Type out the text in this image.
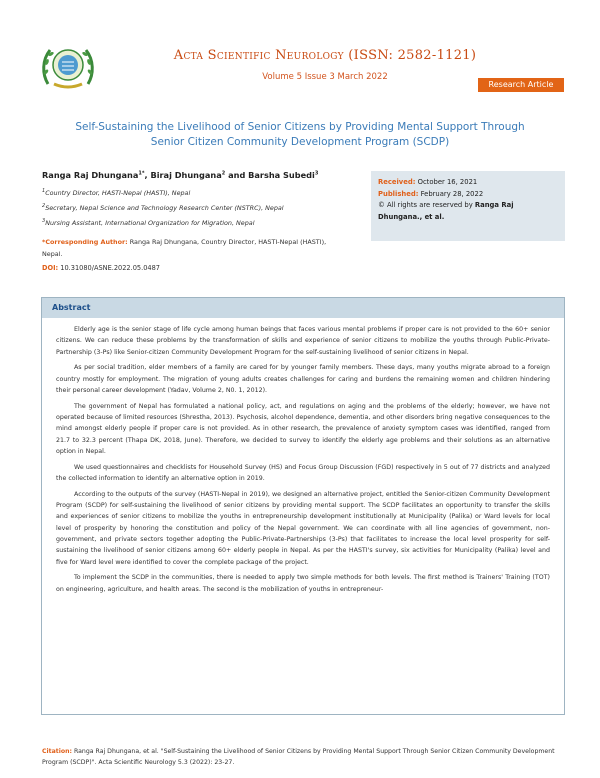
Acta Scientific Neurology (ISSN: 2582-1121)
Volume 5 Issue 3 March 2022
Research Article
Self-Sustaining the Livelihood of Senior Citizens by Providing Mental Support Through Senior Citizen Community Development Program (SCDP)
Ranga Raj Dhungana$^{1*}$, Biraj Dhungana$^2$ and Barsha Subedi$^3$
$^1$Country Director, HASTI-Nepal (HASTI), Nepal
$^2$Secretary, Nepal Science and Technology Research Center (NSTRC), Nepal
$^3$Nursing Assistant, International Organization for Migration, Nepal
*Corresponding Author: Ranga Raj Dhungana, Country Director, HASTI-Nepal (HASTI), Nepal.
DOI: 10.31080/ASNE.2022.05.0487
Received: October 16, 2021
Published: February 28, 2022
© All rights are reserved by Ranga Raj Dhungana., et al.
Abstract

Elderly age is the senior stage of life cycle among human beings that faces various mental problems if proper care is not provided to the 60+ senior citizens. We can reduce these problems by the transformation of skills and experience of senior citizens to mobilize the youths through Public-Private-Partnership (3-Ps) like Senior-citizen Community Development Program for the self-sustaining livelihood of senior citizens in Nepal.

As per social tradition, elder members of a family are cared for by younger family members. These days, many youths migrate abroad to a foreign country mostly for employment. The migration of young adults creates challenges for caring and burdens the remaining women and children hindering their personal career development (Yadav, Volume 2, N0. 1, 2012).

The government of Nepal has formulated a national policy, act, and regulations on aging and the problems of the elderly; however, we have not operated because of limited resources (Shrestha, 2013). Psychosis, alcohol dependence, dementia, and other disorders bring negative consequences to the mind amongst elderly people if proper care is not provided. As in other research, the prevalence of anxiety symptom cases was identified, ranged from 21.7 to 32.3 percent (Thapa DK, 2018, June). Therefore, we decided to survey to identify the elderly age problems and their solutions as an alternative option in Nepal.

We used questionnaires and checklists for Household Survey (HS) and Focus Group Discussion (FGD) respectively in 5 out of 77 districts and analyzed the collected information to identify an alternative option in 2019.

According to the outputs of the survey (HASTI-Nepal in 2019), we designed an alternative project, entitled the Senior-citizen Community Development Program (SCDP) for self-sustaining the livelihood of senior citizens by providing mental support. The SCDP facilitates an opportunity to transfer the skills and experiences of senior citizens to mobilize the youths in entrepreneurship development institutionally at Municipality (Palika) or Ward levels for local level of prosperity by honoring the constitution and policy of the Nepal government. We can coordinate with all line agencies of government, non-government, and private sectors together adopting the Public-Private-Partnerships (3-Ps) that facilitates to increase the local level prosperity for self-sustaining the livelihood of senior citizens among 60+ elderly people in Nepal. As per the HASTI's survey, six activities for Municipality (Palika) level and five for Ward level were identified to cover the complete package of the project.

To implement the SCDP in the communities, there is needed to apply two simple methods for both levels. The first method is Trainers' Training (TOT) on engineering, agriculture, and health areas. The second is the mobilization of youths in entrepreneur-

Citation: Ranga Raj Dhungana, et al. "Self-Sustaining the Livelihood of Senior Citizens by Providing Mental Support Through Senior Citizen Community Development Program (SCDP)". Acta Scientific Neurology 5.3 (2022): 23-27.
